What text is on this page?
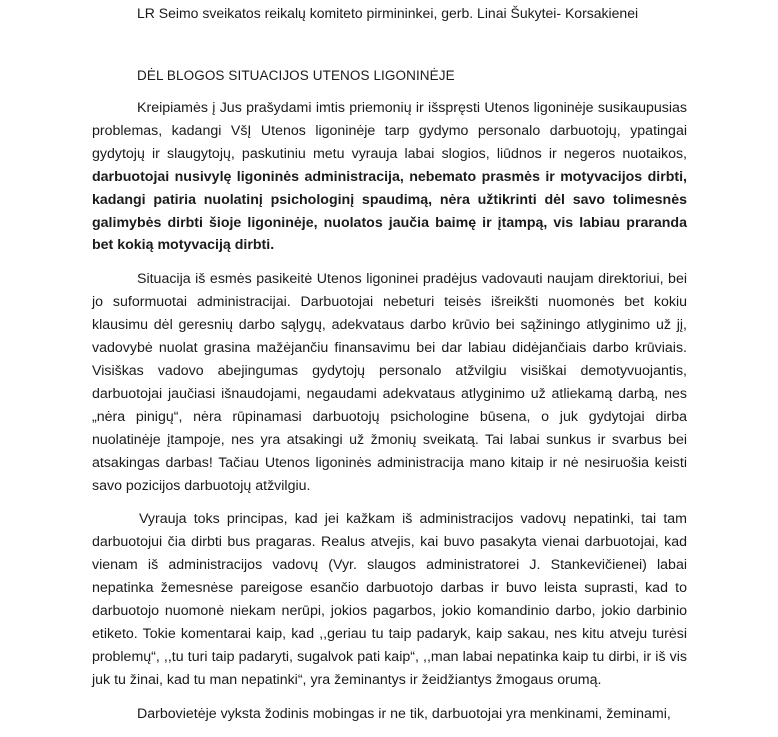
LR Seimo sveikatos reikalų komiteto pirmininkei, gerb. Linai Šukytei- Korsakienei
DĖL BLOGOS SITUACIJOS UTENOS LIGONINĖJE

Kreipiamės į Jus prašydami imtis priemonių ir išspręsti Utenos ligoninėje susikaupusias problemas, kadangi VšĮ Utenos ligoninėje tarp gydymo personalo darbuotojų, ypatingai gydytojų ir slaugytojų, paskutiniu metu vyrauja labai slogios, liūdnos ir negeros nuotaikos, darbuotojai nusivylę ligoninės administracija, nebemato prasmės ir motyvacijos dirbti, kadangi patiria nuolatinį psichologinį spaudimą, nėra užtikrinti dėl savo tolimesnės galimybės dirbti šioje ligoninėje, nuolatos jaučia baimę ir įtampą, vis labiau praranda bet kokią motyvaciją dirbti.

Situacija iš esmės pasikeitė Utenos ligoninei pradėjus vadovauti naujam direktoriui, bei jo suformuotai administracijai. Darbuotojai nebeturi teisės išreikšti nuomonės bet kokiu klausimu dėl geresnių darbo sąlygų, adekvataus darbo krūvio bei sąžiningo atlyginimo už jį, vadovybė nuolat grasina mažėjančiu finansavimu bei dar labiau didėjančiais darbo krūviais. Visiškas vadovo abejingumas gydytojų personalo atžvilgiu visiškai demotyvuojantis, darbuotojai jaučiasi išnaudojami, negaudami adekvataus atlyginimo už atliekamą darbą, nes „nėra pinigų“, nėra rūpinamasi darbuotojų psichologine būsena, o juk gydytojai dirba nuolatinėje įtampoje, nes yra atsakingi už žmonių sveikatą. Tai labai sunkus ir svarbus bei atsakingas darbas! Tačiau Utenos ligoninės administracija mano kitaip ir nė nesiruošia keisti savo pozicijos darbuotojų atžvilgiu.

Vyrauja toks principas, kad jei kažkam iš administracijos vadovų nepatinki, tai tam darbuotojui čia dirbti bus pragaras. Realus atvejis, kai buvo pasakyta vienai darbuotojai, kad vienam iš administracijos vadovų (Vyr. slaugos administratorei J. Stankevičienei) labai nepatinka žemesnėse pareigose esančio darbuotojo darbas ir buvo leista suprasti, kad to darbuotojo nuomonė niekam nerūpi, jokios pagarbos, jokio komandinio darbo, jokio darbinio etiketo. Tokie komentarai kaip, kad ,,geriau tu taip padaryk, kaip sakau, nes kitu atveju turėsi problemų“, ,,tu turi taip padaryti, sugalvok pati kaip“, ,,man labai nepatinka kaip tu dirbi, ir iš vis juk tu žinai, kad tu man nepatinki“, yra žeminantys ir žeidžiantys žmogaus orumą.

Darbovietėje vyksta žodinis mobingas ir ne tik, darbuotojai yra menkinami, žeminami,
